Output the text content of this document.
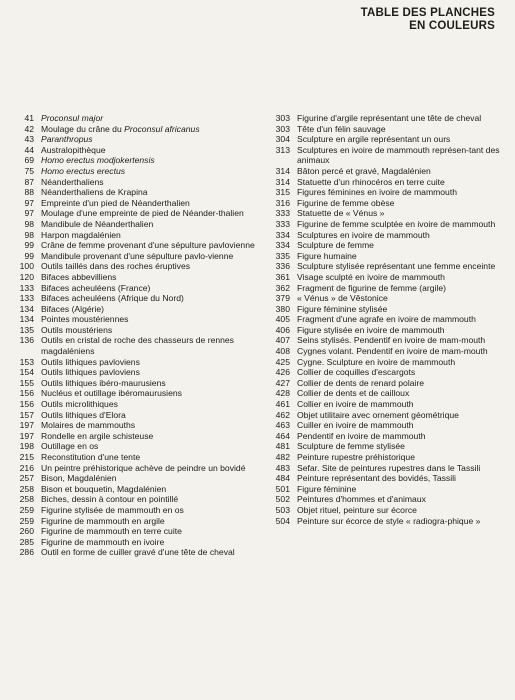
TABLE DES PLANCHES
EN COULEURS
41 Proconsul major
42 Moulage du crâne du Proconsul africanus
43 Paranthropus
44 Australopithèque
69 Homo erectus modjokertensis
75 Homo erectus erectus
87 Néanderthaliens
88 Néanderthaliens de Krapina
97 Empreinte d'un pied de Néanderthalien
97 Moulage d'une empreinte de pied de Néander-thalien
98 Mandibule de Néanderthalien
98 Harpon magdalénien
99 Crâne de femme provenant d'une sépulture pavlovienne
99 Mandibule provenant d'une sépulture pavlo-vienne
100 Outils taillés dans des roches éruptives
120 Bifaces abbevilliens
133 Bifaces acheuléens (France)
133 Bifaces acheuléens (Afrique du Nord)
134 Bifaces (Algérie)
134 Pointes moustériennes
135 Outils moustériens
136 Outils en cristal de roche des chasseurs de rennes magdaléniens
153 Outils lithiques pavloviens
154 Outils lithiques pavloviens
155 Outils lithiques ibéro-maurusiens
156 Nucléus et outillage ibéromaurusiens
156 Outils microlithiques
157 Outils lithiques d'Elora
197 Molaires de mammouths
197 Rondelle en argile schisteuse
198 Outillage en os
215 Reconstitution d'une tente
216 Un peintre préhistorique achève de peindre un bovidé
257 Bison, Magdalénien
258 Bison et bouquetin, Magdalénien
258 Biches, dessin à contour en pointillé
259 Figurine stylisée de mammouth en os
259 Figurine de mammouth en argile
260 Figurine de mammouth en terre cuite
285 Figurine de mammouth en ivoire
286 Outil en forme de cuiller gravé d'une tête de cheval
303 Figurine d'argile représentant une tête de cheval
303 Tête d'un félin sauvage
304 Sculpture en argile représentant un ours
313 Sculptures en ivoire de mammouth représen-tant des animaux
314 Bâton percé et gravé, Magdalénien
314 Statuette d'un rhinocéros en terre cuite
315 Figures féminines en ivoire de mammouth
316 Figurine de femme obèse
333 Statuette de « Vénus »
333 Figurine de femme sculptée en ivoire de mammouth
334 Sculptures en ivoire de mammouth
334 Sculpture de femme
335 Figure humaine
336 Sculpture stylisée représentant une femme enceinte
361 Visage sculpté en ivoire de mammouth
362 Fragment de figurine de femme (argile)
379 « Vénus » de Věstonice
380 Figure féminine stylisée
405 Fragment d'une agrafe en ivoire de mammouth
406 Figure stylisée en ivoire de mammouth
407 Seins stylisés. Pendentif en ivoire de mam-mouth
408 Cygnes volant. Pendentif en ivoire de mam-mouth
425 Cygne. Sculpture en ivoire de mammouth
426 Collier de coquilles d'escargots
427 Collier de dents de renard polaire
428 Collier de dents et de cailloux
461 Collier en ivoire de mammouth
462 Objet utilitaire avec ornement géométrique
463 Cuiller en ivoire de mammouth
464 Pendentif en ivoire de mammouth
481 Sculpture de femme stylisée
482 Peinture rupestre préhistorique
483 Sefar. Site de peintures rupestres dans le Tassili
484 Peinture représentant des bovidés, Tassili
501 Figure féminine
502 Peintures d'hommes et d'animaux
503 Objet rituel, peinture sur écorce
504 Peinture sur écorce de style « radiogra-phique »
